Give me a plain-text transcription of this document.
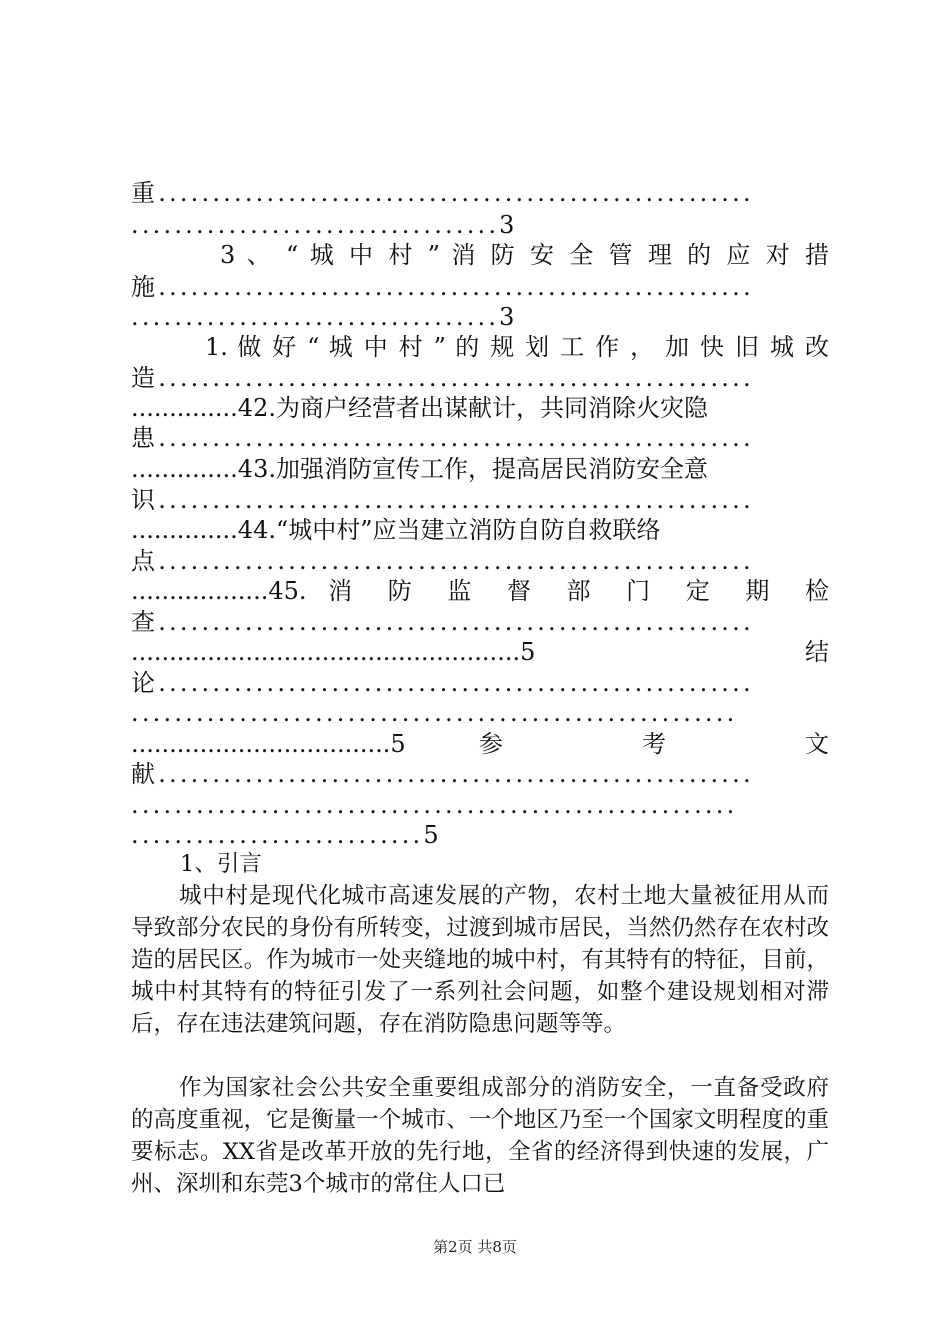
重.......................................................
..................................3
3 、 “ 城 中 村 ” 消 防 安 全 管 理 的 应 对 措
施.......................................................
..................................3
1. 做 好 “ 城 中 村 ” 的 规 划 工 作 ， 加 快 旧 城 改
造.......................................................
..............42.为商户经营者出谋献计，共同消除火灾隐
患.......................................................
..............43.加强消防宣传工作，提高居民消防安全意
识.......................................................
..............44.“城中村”应当建立消防自防自救联络
点.......................................................
..................45. 消 防 监 督 部 门 定 期 检
查.......................................................
...................................................5 结
论.......................................................
........................................................
..................................5 参 考 文
献.......................................................
........................................................
...........................5
1、引言
城中村是现代化城市高速发展的产物，农村土地大量被征用从而导致部分农民的身份有所转变，过渡到城市居民，当然仍然存在农村改造的居民区。作为城市一处夹缝地的城中村，有其特有的特征，目前，城中村其特有的特征引发了一系列社会问题，如整个建设规划相对滞后，存在违法建筑问题，存在消防隐患问题等等。
作为国家社会公共安全重要组成部分的消防安全，一直备受政府的高度重视，它是衡量一个城市、一个地区乃至一个国家文明程度的重要标志。XX省是改革开放的先行地，全省的经济得到快速的发展，广州、深圳和东莞3个城市的常住人口已
第2页 共8页
